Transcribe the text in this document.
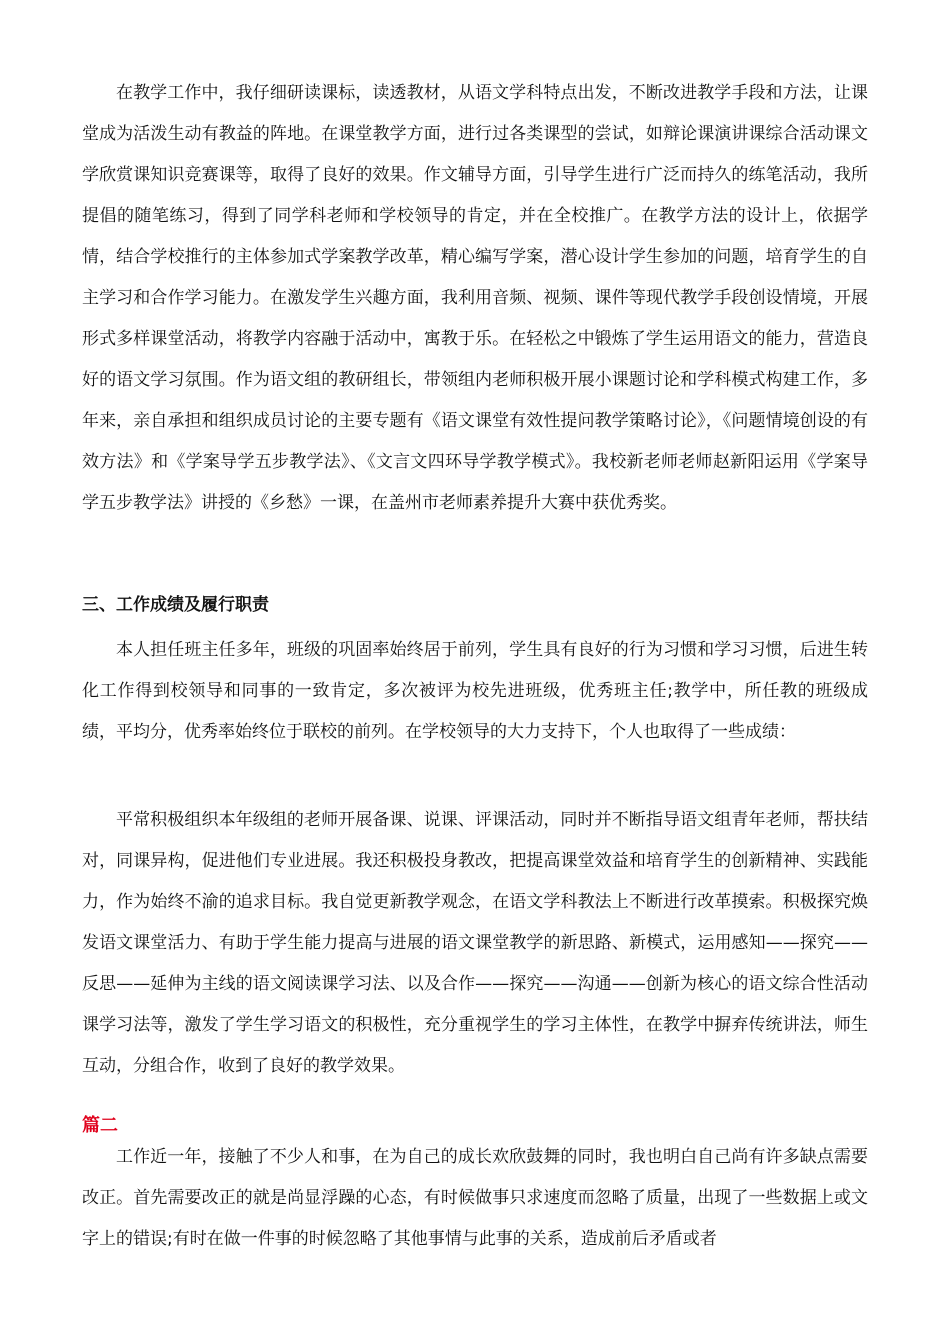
在教学工作中，我仔细研读课标，读透教材，从语文学科特点出发，不断改进教学手段和方法，让课堂成为活泼生动有教益的阵地。在课堂教学方面，进行过各类课型的尝试，如辩论课演讲课综合活动课文学欣赏课知识竞赛课等，取得了良好的效果。作文辅导方面，引导学生进行广泛而持久的练笔活动，我所提倡的随笔练习，得到了同学科老师和学校领导的肯定，并在全校推广。在教学方法的设计上，依据学情，结合学校推行的主体参加式学案教学改革，精心编写学案，潜心设计学生参加的问题，培育学生的自主学习和合作学习能力。在激发学生兴趣方面，我利用音频、视频、课件等现代教学手段创设情境，开展形式多样课堂活动，将教学内容融于活动中，寓教于乐。在轻松之中锻炼了学生运用语文的能力，营造良好的语文学习氛围。作为语文组的教研组长，带领组内老师积极开展小课题讨论和学科模式构建工作，多年来，亲自承担和组织成员讨论的主要专题有《语文课堂有效性提问教学策略讨论》，《问题情境创设的有效方法》和《学案导学五步教学法》、《文言文四环导学教学模式》。我校新老师老师赵新阳运用《学案导学五步教学法》讲授的《乡愁》一课，在盖州市老师素养提升大赛中获优秀奖。

三、工作成绩及履行职责

本人担任班主任多年，班级的巩固率始终居于前列，学生具有良好的行为习惯和学习习惯，后进生转化工作得到校领导和同事的一致肯定，多次被评为校先进班级，优秀班主任;教学中，所任教的班级成绩，平均分，优秀率始终位于联校的前列。在学校领导的大力支持下，个人也取得了一些成绩：

平常积极组织本年级组的老师开展备课、说课、评课活动，同时并不断指导语文组青年老师，帮扶结对，同课异构，促进他们专业进展。我还积极投身教改，把提高课堂效益和培育学生的创新精神、实践能力，作为始终不渝的追求目标。我自觉更新教学观念，在语文学科教法上不断进行改革摸索。积极探究焕发语文课堂活力、有助于学生能力提高与进展的语文课堂教学的新思路、新模式，运用感知——探究——反思——延伸为主线的语文阅读课学习法、以及合作——探究——沟通——创新为核心的语文综合性活动课学习法等，激发了学生学习语文的积极性，充分重视学生的学习主体性，在教学中摒弃传统讲法，师生互动，分组合作，收到了良好的教学效果。

篇二

工作近一年，接触了不少人和事，在为自己的成长欢欣鼓舞的同时，我也明白自己尚有许多缺点需要改正。首先需要改正的就是尚显浮躁的心态，有时候做事只求速度而忽略了质量，出现了一些数据上或文字上的错误;有时在做一件事的时候忽略了其他事情与此事的关系，造成前后矛盾或者
